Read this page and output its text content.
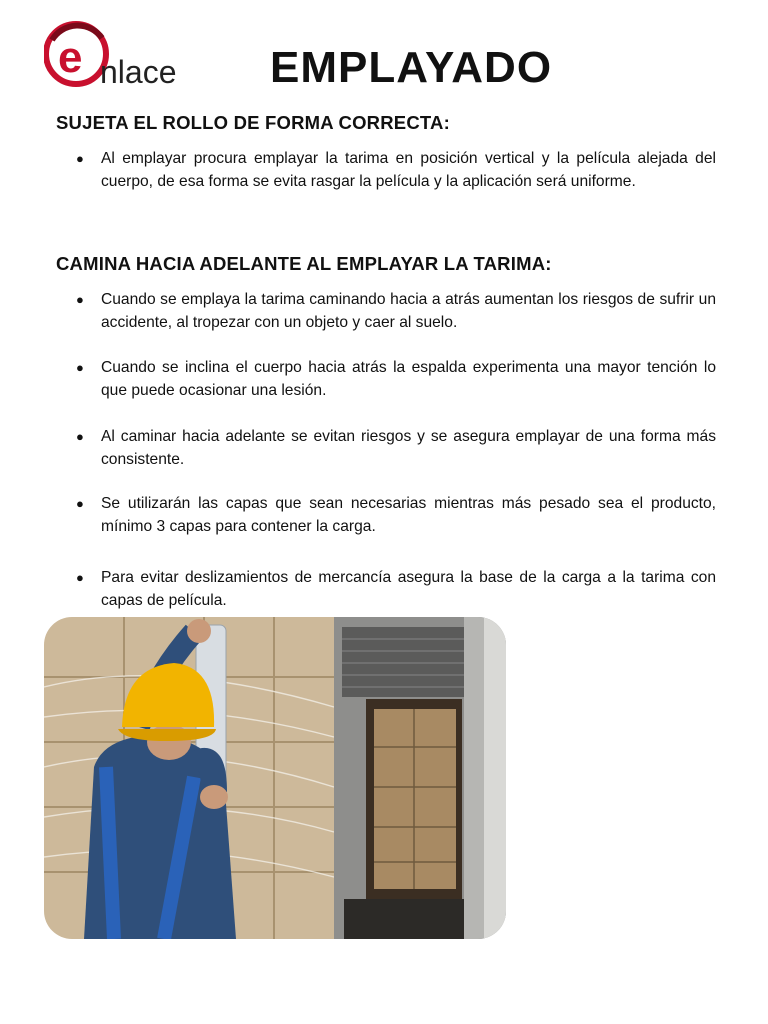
e nlace EMPLAYADO
SUJETA EL ROLLO DE FORMA CORRECTA:
● Al emplayar procura emplayar la tarima en posición vertical y la película alejada del cuerpo, de esa forma se evita rasgar la película y la aplicación será uniforme.
CAMINA HACIA ADELANTE AL EMPLAYAR LA TARIMA:
● Cuando se emplaya la tarima caminando hacia a atrás aumentan los riesgos de sufrir un accidente, al tropezar con un objeto y caer al suelo.
● Cuando se inclina el cuerpo hacia atrás la espalda experimenta una mayor tención lo que puede ocasionar una lesión.
● Al caminar hacia adelante se evitan riesgos y se asegura emplayar de una forma más consistente.
● Se utilizarán las capas que sean necesarias mientras más pesado sea el producto, mínimo 3 capas para contener la carga.
● Para evitar deslizamientos de mercancía asegura la base de la carga a la tarima con capas de película.
